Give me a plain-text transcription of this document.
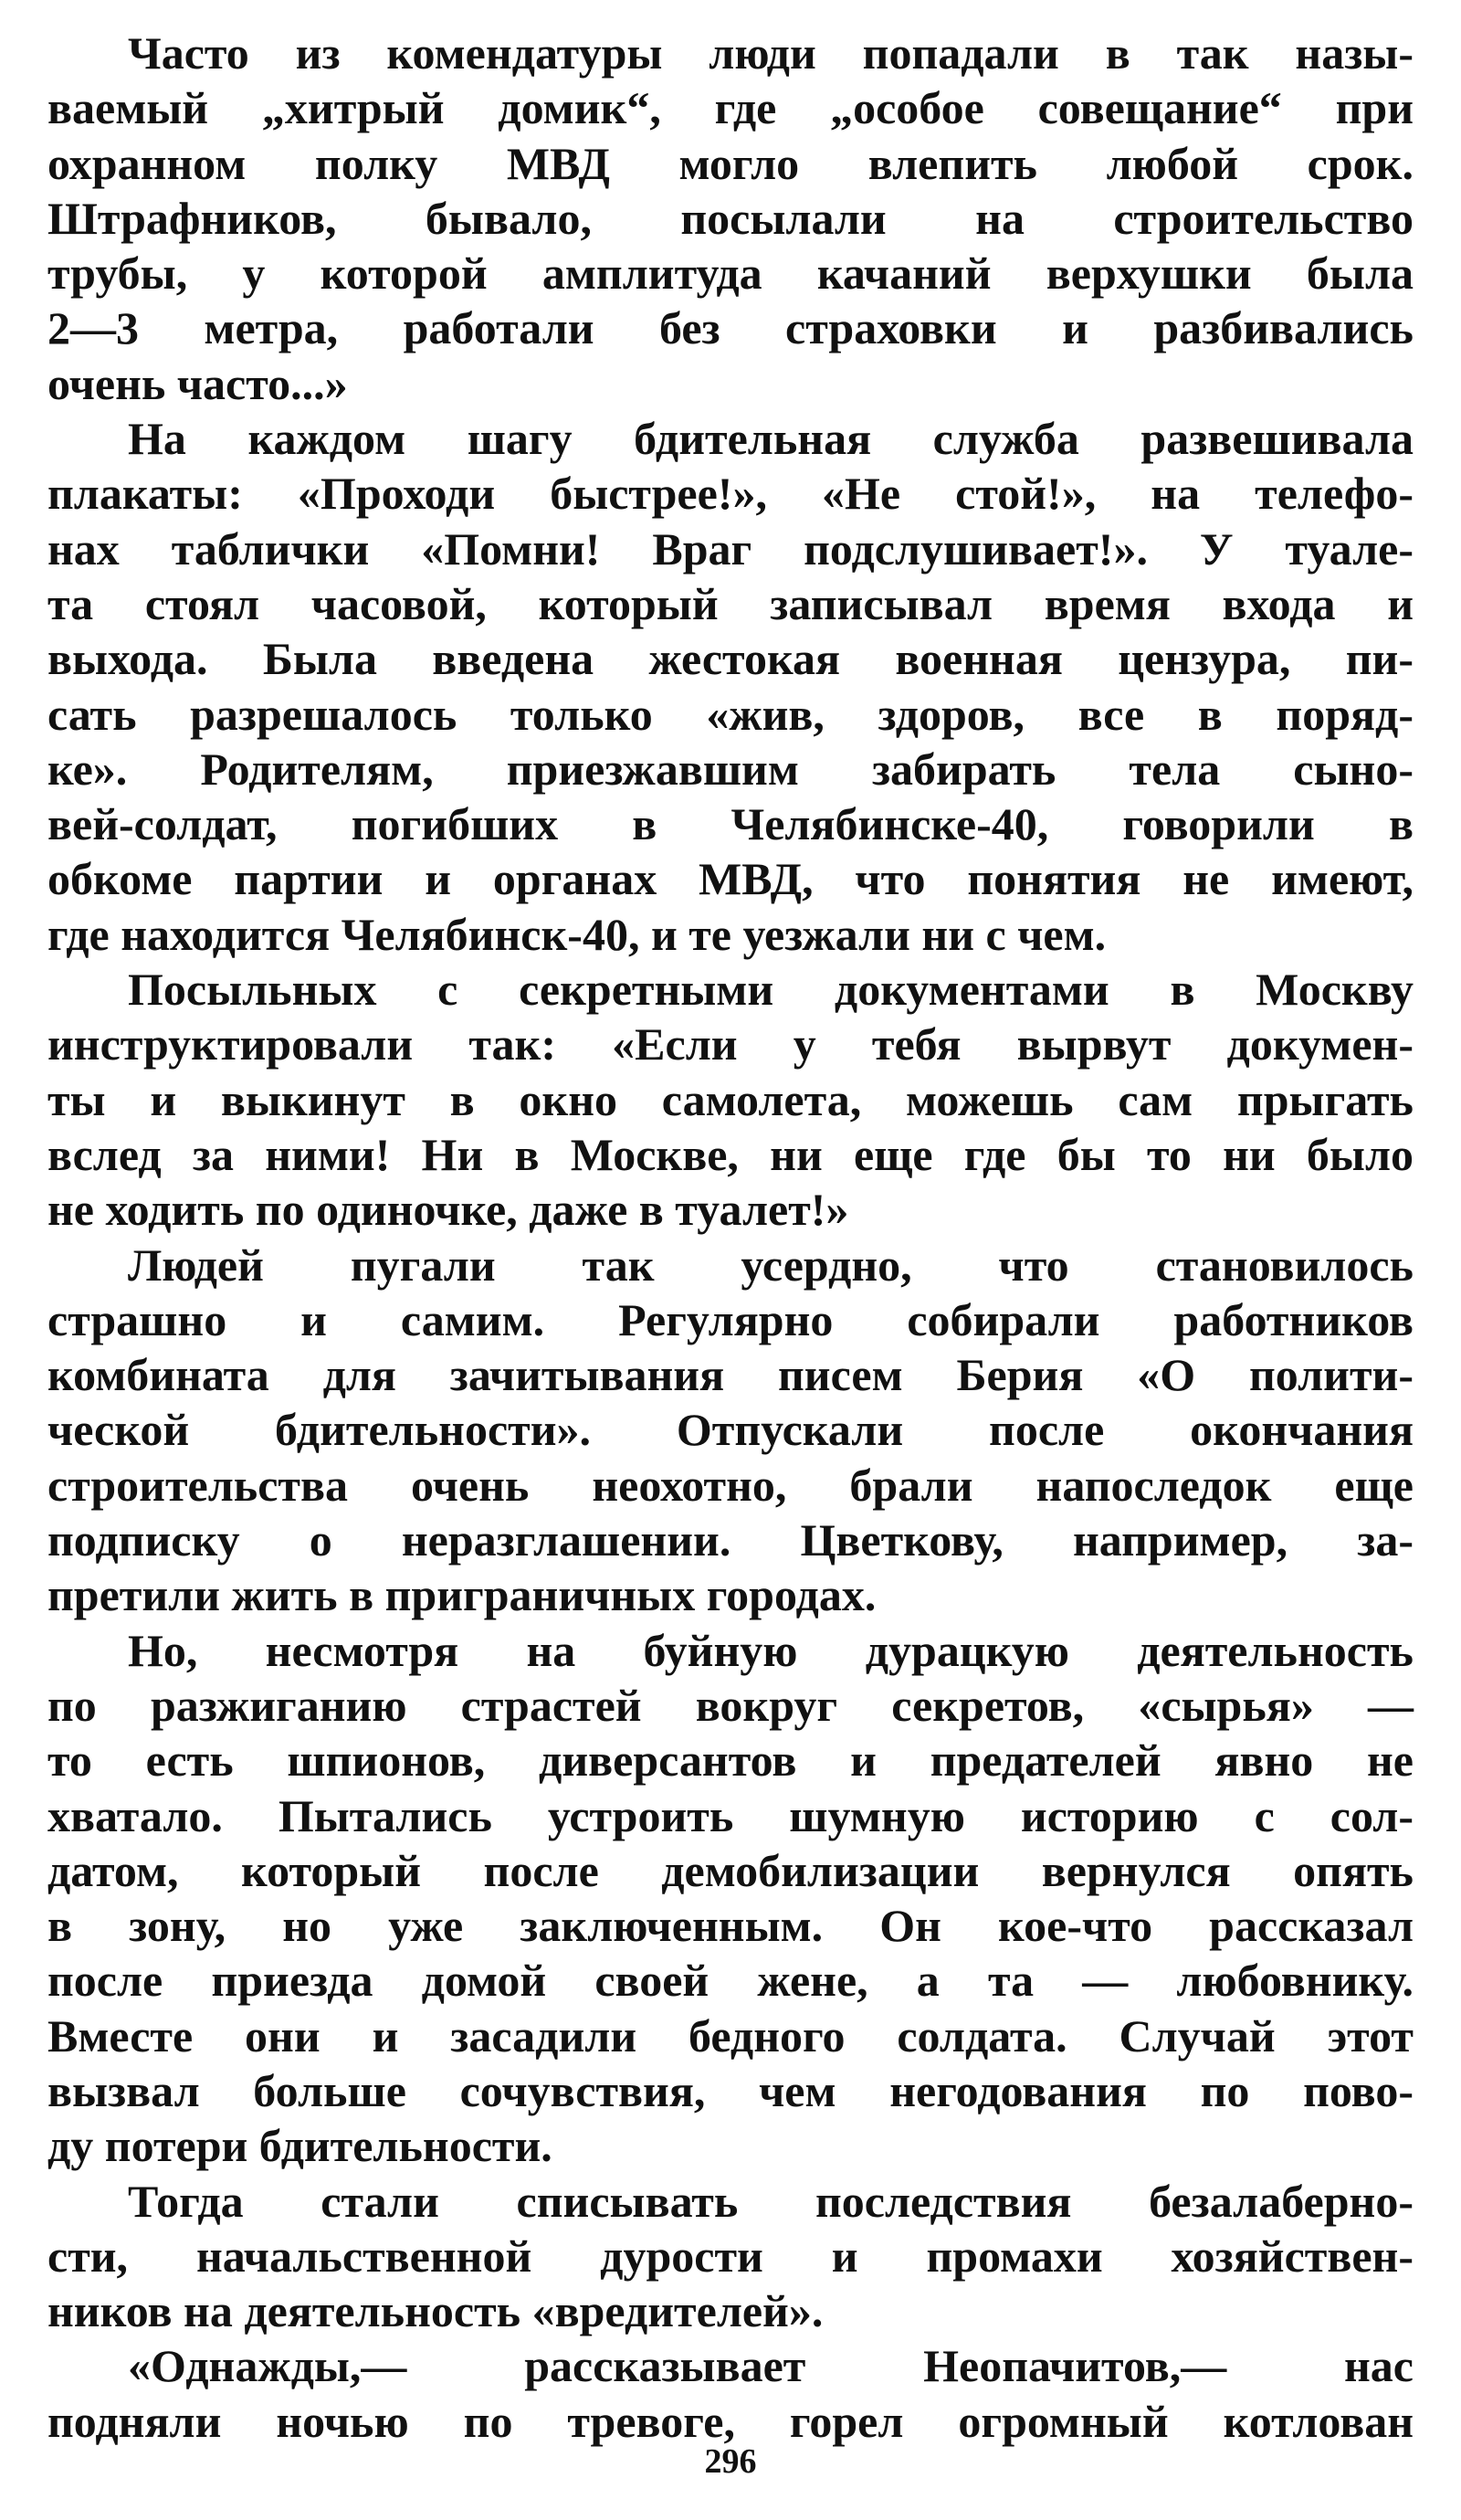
Часто из комендатуры люди попадали в так назы-
ваемый „хитрый домик“, где „особое совещание“ при
охранном полку МВД могло влепить любой срок.
Штрафников, бывало, посылали на строительство
трубы, у которой амплитуда качаний верхушки была
2—3 метра, работали без страховки и разбивались
очень часто...»
На каждом шагу бдительная служба развешивала
плакаты: «Проходи быстрее!», «Не стой!», на телефо-
нах таблички «Помни! Враг подслушивает!». У туале-
та стоял часовой, который записывал время входа и
выхода. Была введена жестокая военная цензура, пи-
сать разрешалось только «жив, здоров, все в поряд-
ке». Родителям, приезжавшим забирать тела сыно-
вей-солдат, погибших в Челябинске-40, говорили в
обкоме партии и органах МВД, что понятия не имеют,
где находится Челябинск-40, и те уезжали ни с чем.
Посыльных с секретными документами в Москву
инструктировали так: «Если у тебя вырвут докумен-
ты и выкинут в окно самолета, можешь сам прыгать
вслед за ними! Ни в Москве, ни еще где бы то ни было
не ходить по одиночке, даже в туалет!»
Людей пугали так усердно, что становилось
страшно и самим. Регулярно собирали работников
комбината для зачитывания писем Берия «О полити-
ческой бдительности». Отпускали после окончания
строительства очень неохотно, брали напоследок еще
подписку о неразглашении. Цветкову, например, за-
претили жить в приграничных городах.
Но, несмотря на буйную дурацкую деятельность
по разжиганию страстей вокруг секретов, «сырья» —
то есть шпионов, диверсантов и предателей явно не
хватало. Пытались устроить шумную историю с сол-
датом, который после демобилизации вернулся опять
в зону, но уже заключенным. Он кое-что рассказал
после приезда домой своей жене, а та — любовнику.
Вместе они и засадили бедного солдата. Случай этот
вызвал больше сочувствия, чем негодования по пово-
ду потери бдительности.
Тогда стали списывать последствия безалаберно-
сти, начальственной дурости и промахи хозяйствен-
ников на деятельность «вредителей».
«Однажды,— рассказывает Неопачитов,— нас
подняли ночью по тревоге, горел огромный котлован
296
